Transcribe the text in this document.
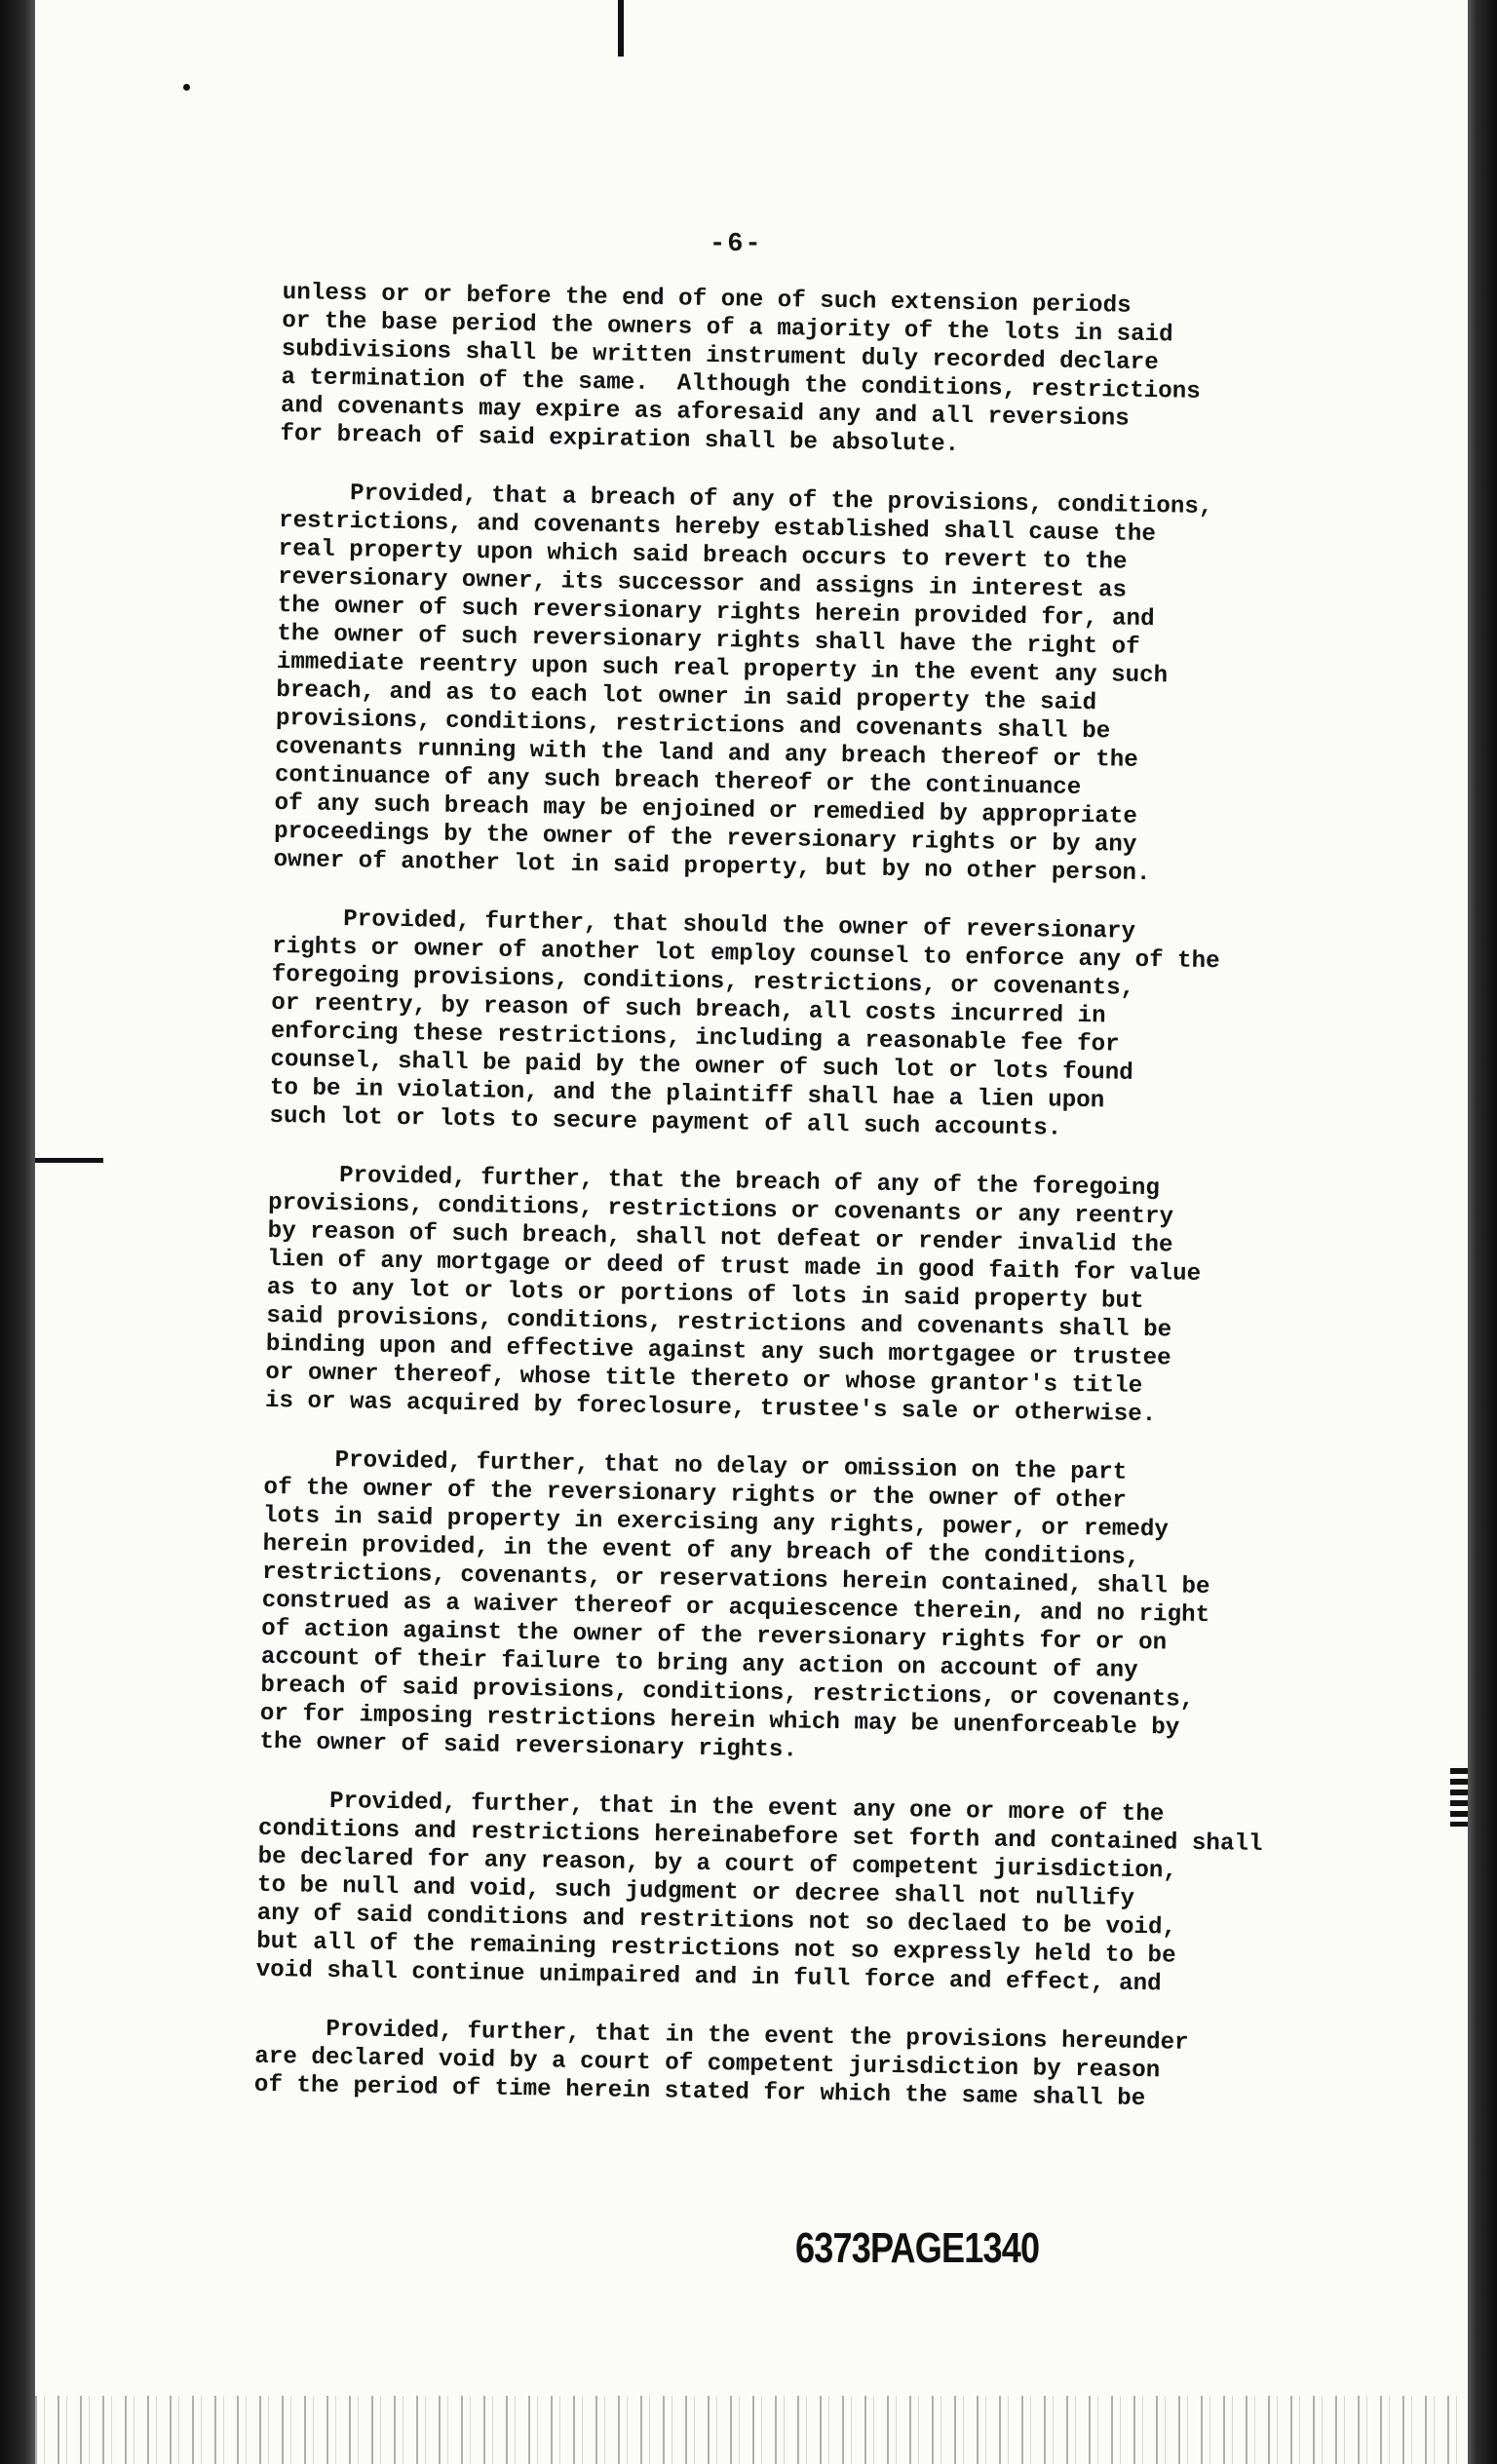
-6-

unless or or before the end of one of such extension periods
or the base period the owners of a majority of the lots in said
subdivisions shall be written instrument duly recorded declare
a termination of the same.  Although the conditions, restrictions
and covenants may expire as aforesaid any and all reversions
for breach of said expiration shall be absolute.

Provided, that a breach of any of the provisions, conditions,
restrictions, and covenants hereby established shall cause the
real property upon which said breach occurs to revert to the
reversionary owner, its successor and assigns in interest as
the owner of such reversionary rights herein provided for, and
the owner of such reversionary rights shall have the right of
immediate reentry upon such real property in the event any such
breach, and as to each lot owner in said property the said
provisions, conditions, restrictions and covenants shall be
covenants running with the land and any breach thereof or the
continuance of any such breach thereof or the continuance
of any such breach may be enjoined or remedied by appropriate
proceedings by the owner of the reversionary rights or by any
owner of another lot in said property, but by no other person.

Provided, further, that should the owner of reversionary
rights or owner of another lot employ counsel to enforce any of the
foregoing provisions, conditions, restrictions, or covenants,
or reentry, by reason of such breach, all costs incurred in
enforcing these restrictions, including a reasonable fee for
counsel, shall be paid by the owner of such lot or lots found
to be in violation, and the plaintiff shall hae a lien upon
such lot or lots to secure payment of all such accounts.

Provided, further, that the breach of any of the foregoing
provisions, conditions, restrictions or covenants or any reentry
by reason of such breach, shall not defeat or render invalid the
lien of any mortgage or deed of trust made in good faith for value
as to any lot or lots or portions of lots in said property but
said provisions, conditions, restrictions and covenants shall be
binding upon and effective against any such mortgagee or trustee
or owner thereof, whose title thereto or whose grantor's title
is or was acquired by foreclosure, trustee's sale or otherwise.

Provided, further, that no delay or omission on the part
of the owner of the reversionary rights or the owner of other
lots in said property in exercising any rights, power, or remedy
herein provided, in the event of any breach of the conditions,
restrictions, covenants, or reservations herein contained, shall be
construed as a waiver thereof or acquiescence therein, and no right
of action against the owner of the reversionary rights for or on
account of their failure to bring any action on account of any
breach of said provisions, conditions, restrictions, or covenants,
or for imposing restrictions herein which may be unenforceable by
the owner of said reversionary rights.

Provided, further, that in the event any one or more of the
conditions and restrictions hereinabefore set forth and contained shall
be declared for any reason, by a court of competent jurisdiction,
to be null and void, such judgment or decree shall not nullify
any of said conditions and restritions not so declaed to be void,
but all of the remaining restrictions not so expressly held to be
void shall continue unimpaired and in full force and effect, and

Provided, further, that in the event the provisions hereunder
are declared void by a court of competent jurisdiction by reason
of the period of time herein stated for which the same shall be

6373PAGE1340
